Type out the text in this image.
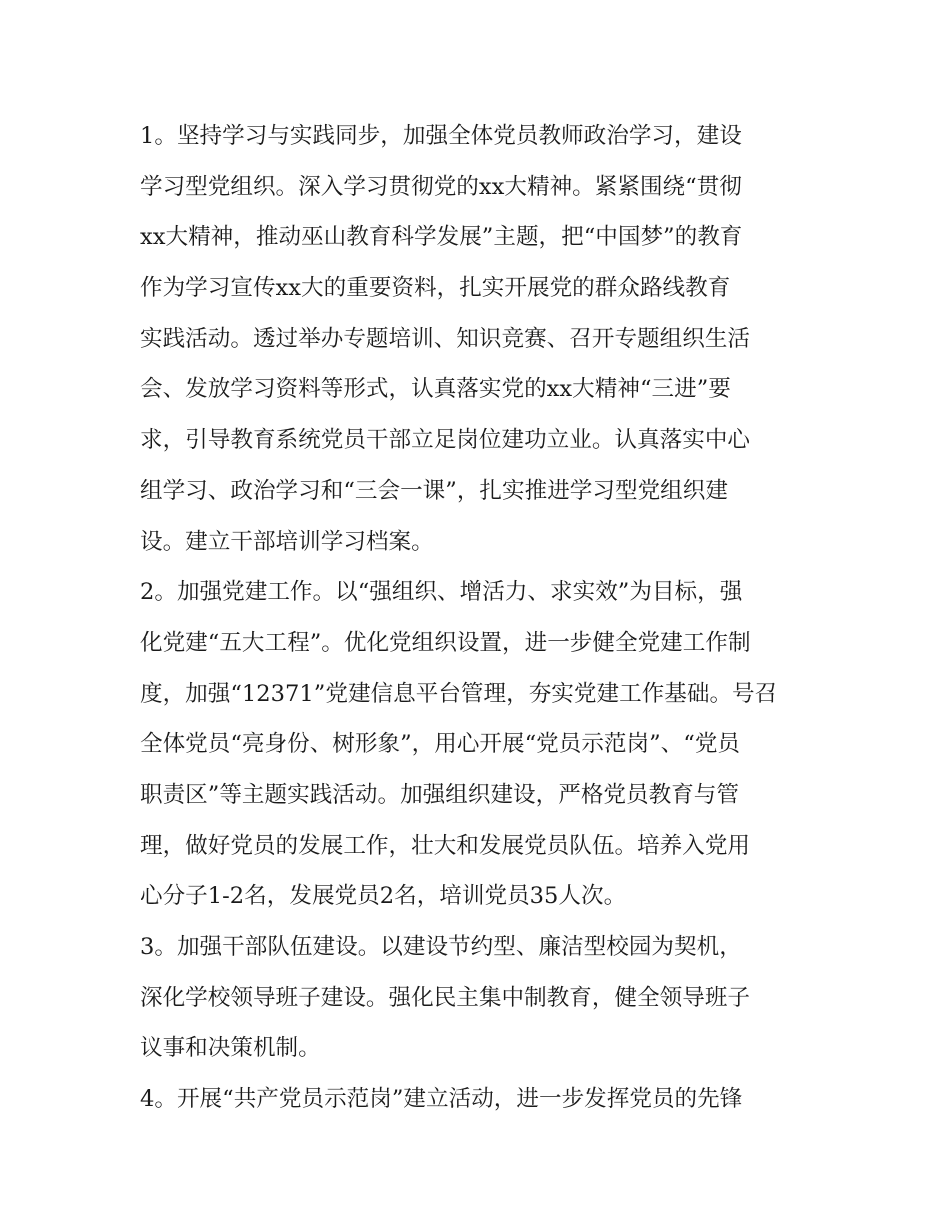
1。坚持学习与实践同步，加强全体党员教师政治学习，建设
学习型党组织。深入学习贯彻党的xx大精神。紧紧围绕“贯彻
xx大精神，推动巫山教育科学发展”主题，把“中国梦”的教育
作为学习宣传xx大的重要资料，扎实开展党的群众路线教育
实践活动。透过举办专题培训、知识竞赛、召开专题组织生活
会、发放学习资料等形式，认真落实党的xx大精神“三进”要
求，引导教育系统党员干部立足岗位建功立业。认真落实中心
组学习、政治学习和“三会一课”，扎实推进学习型党组织建
设。建立干部培训学习档案。
2。加强党建工作。以“强组织、增活力、求实效”为目标，强
化党建“五大工程”。优化党组织设置，进一步健全党建工作制
度，加强“12371”党建信息平台管理，夯实党建工作基础。号召
全体党员“亮身份、树形象”，用心开展“党员示范岗”、“党员
职责区”等主题实践活动。加强组织建设，严格党员教育与管
理，做好党员的发展工作，壮大和发展党员队伍。培养入党用
心分子1-2名，发展党员2名，培训党员35人次。
3。加强干部队伍建设。以建设节约型、廉洁型校园为契机，
深化学校领导班子建设。强化民主集中制教育，健全领导班子
议事和决策机制。
4。开展“共产党员示范岗”建立活动，进一步发挥党员的先锋
